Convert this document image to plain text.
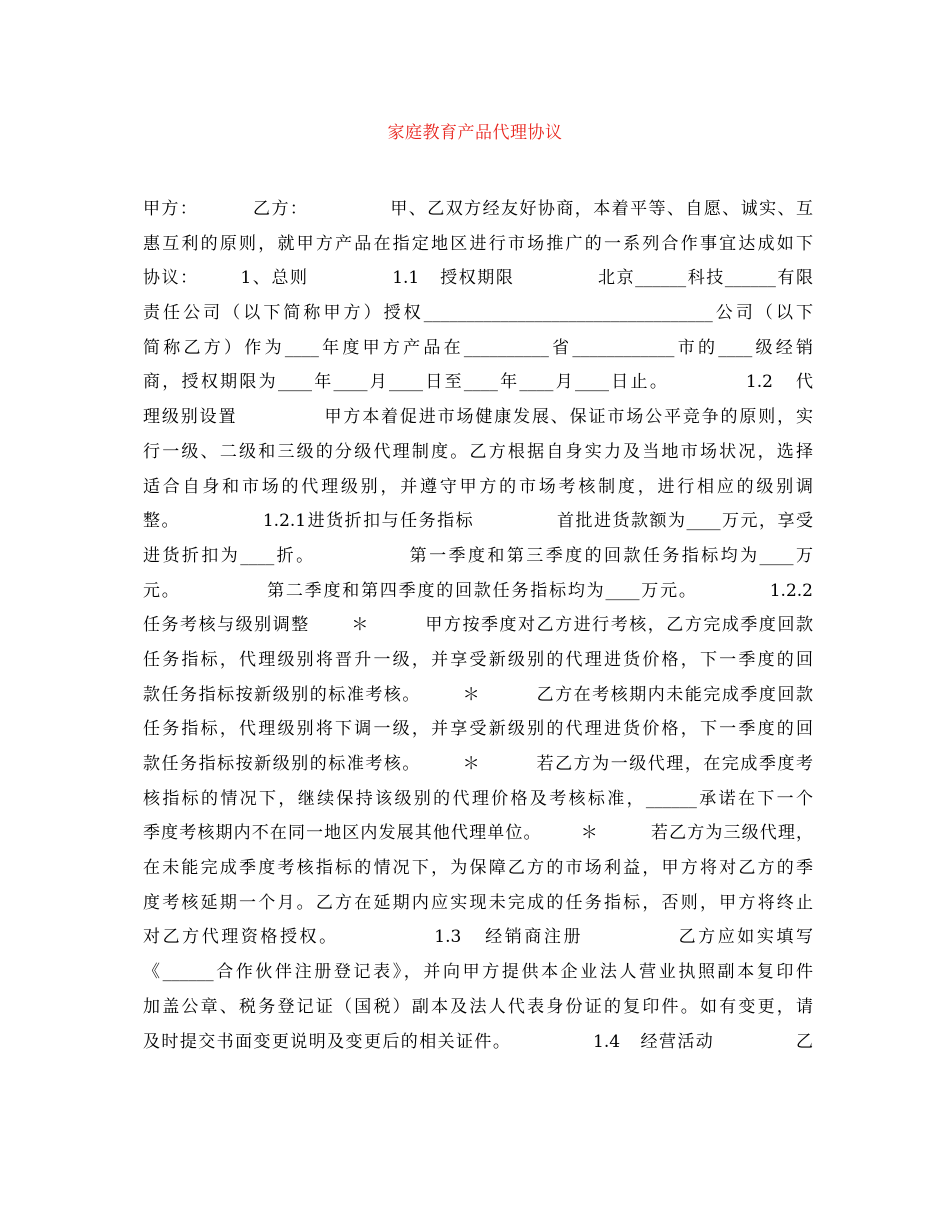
家庭教育产品代理协议
甲方：        乙方：            甲、乙双方经友好协商，本着平等、自愿、诚实、互
惠互利的原则，就甲方产品在指定地区进行市场推广的一系列合作事宜达成如下
协议：      1、总则            1.1   授权期限            北京______科技______有限
责任公司（以下简称甲方）授权__________________________________公司（以下
简称乙方）作为____年度甲方产品在__________省____________市的____级经销
商，授权期限为____年____月____日至____年____月____日止。          1.2   代
理级别设置            甲方本着促进市场健康发展、保证市场公平竞争的原则，实
行一级、二级和三级的分级代理制度。乙方根据自身实力及当地市场状况，选择
适合自身和市场的代理级别，并遵守甲方的市场考核制度，进行相应的级别调
整。            1.2.1进货折扣与任务指标            首批进货款额为____万元，享受
进货折扣为____折。            第一季度和第三季度的回款任务指标均为____万
元。            第二季度和第四季度的回款任务指标均为____万元。          1.2.2
任务考核与级别调整      ＊        甲方按季度对乙方进行考核，乙方完成季度回款
任务指标，代理级别将晋升一级，并享受新级别的代理进货价格，下一季度的回
款任务指标按新级别的标准考核。      ＊        乙方在考核期内未能完成季度回款
任务指标，代理级别将下调一级，并享受新级别的代理进货价格，下一季度的回
款任务指标按新级别的标准考核。      ＊        若乙方为一级代理，在完成季度考
核指标的情况下，继续保持该级别的代理价格及考核标准，______承诺在下一个
季度考核期内不在同一地区内发展其他代理单位。      ＊        若乙方为三级代理，
在未能完成季度考核指标的情况下，为保障乙方的市场利益，甲方将对乙方的季
度考核延期一个月。乙方在延期内应实现未完成的任务指标，否则，甲方将终止
对乙方代理资格授权。            1.3   经销商注册            乙方应如实填写
《______合作伙伴注册登记表》，并向甲方提供本企业法人营业执照副本复印件
加盖公章、税务登记证（国税）副本及法人代表身份证的复印件。如有变更，请
及时提交书面变更说明及变更后的相关证件。            1.4   经营活动            乙
